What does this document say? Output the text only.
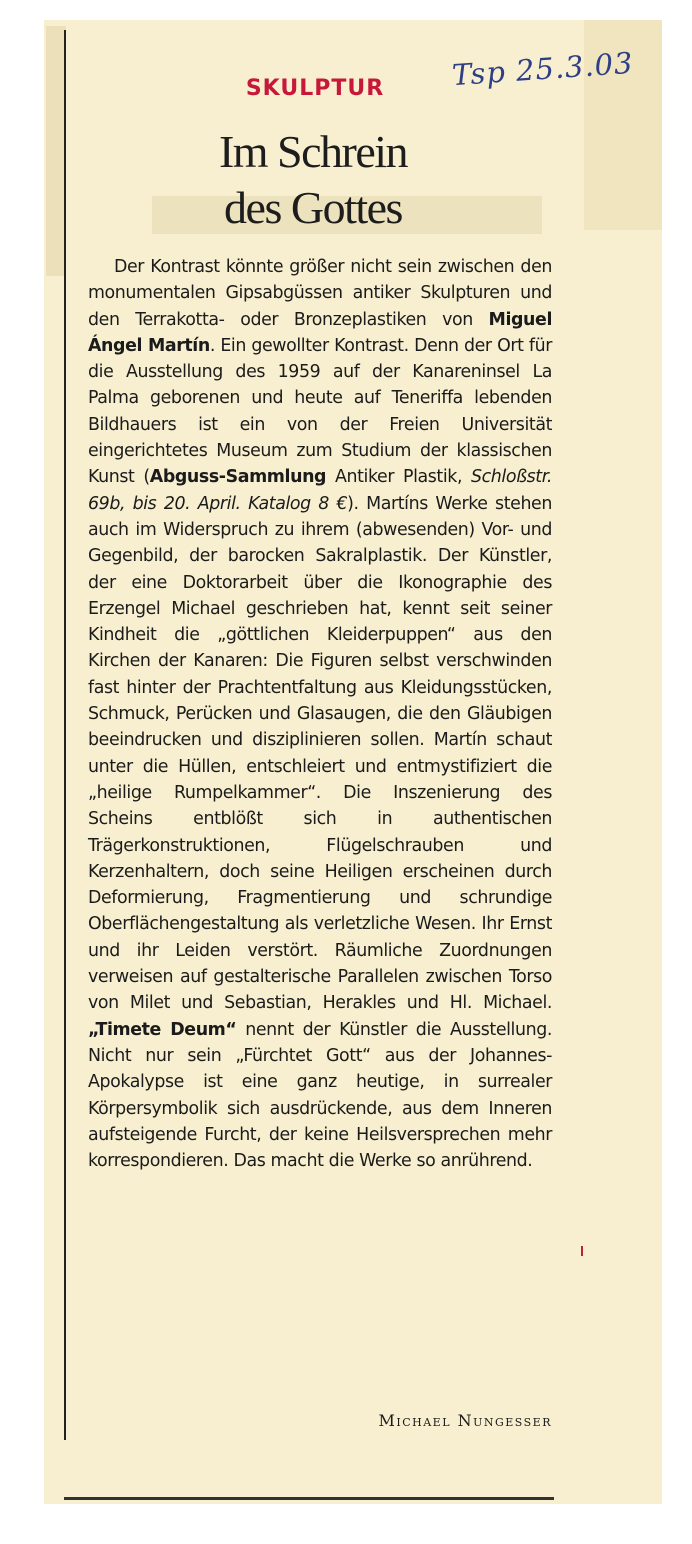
Tsp 25.3.03
SKULPTUR
Im Schrein
des Gottes

Der Kontrast könnte größer nicht sein zwischen den monumentalen Gipsabgüssen antiker Skulpturen und den Terrakotta- oder Bronzeplastiken von Miguel Ángel Martín. Ein gewollter Kontrast. Denn der Ort für die Ausstellung des 1959 auf der Kanareninsel La Palma geborenen und heute auf Teneriffa lebenden Bildhauers ist ein von der Freien Universität eingerichtetes Museum zum Studium der klassischen Kunst (Abguss-Sammlung Antiker Plastik, Schloßstr. 69b, bis 20. April. Katalog 8 €). Martíns Werke stehen auch im Widerspruch zu ihrem (abwesenden) Vor- und Gegenbild, der barocken Sakralplastik. Der Künstler, der eine Doktorarbeit über die Ikonographie des Erzengel Michael geschrieben hat, kennt seit seiner Kindheit die „göttlichen Kleiderpuppen“ aus den Kirchen der Kanaren: Die Figuren selbst verschwinden fast hinter der Prachtentfaltung aus Kleidungsstücken, Schmuck, Perücken und Glasaugen, die den Gläubigen beeindrucken und disziplinieren sollen. Martín schaut unter die Hüllen, entschleiert und entmystifiziert die „heilige Rumpelkammer“. Die Inszenierung des Scheins entblößt sich in authentischen Trägerkonstruktionen, Flügelschrauben und Kerzenhaltern, doch seine Heiligen erscheinen durch Deformierung, Fragmentierung und schrundige Oberflächengestaltung als verletzliche Wesen. Ihr Ernst und ihr Leiden verstört. Räumliche Zuordnungen verweisen auf gestalterische Parallelen zwischen Torso von Milet und Sebastian, Herakles und Hl. Michael. „Timete Deum“ nennt der Künstler die Ausstellung. Nicht nur sein „Fürchtet Gott“ aus der Johannes-Apokalypse ist eine ganz heutige, in surrealer Körpersymbolik sich ausdrückende, aus dem Inneren aufsteigende Furcht, der keine Heilsversprechen mehr korrespondieren. Das macht die Werke so anrührend.

Michael Nungesser
